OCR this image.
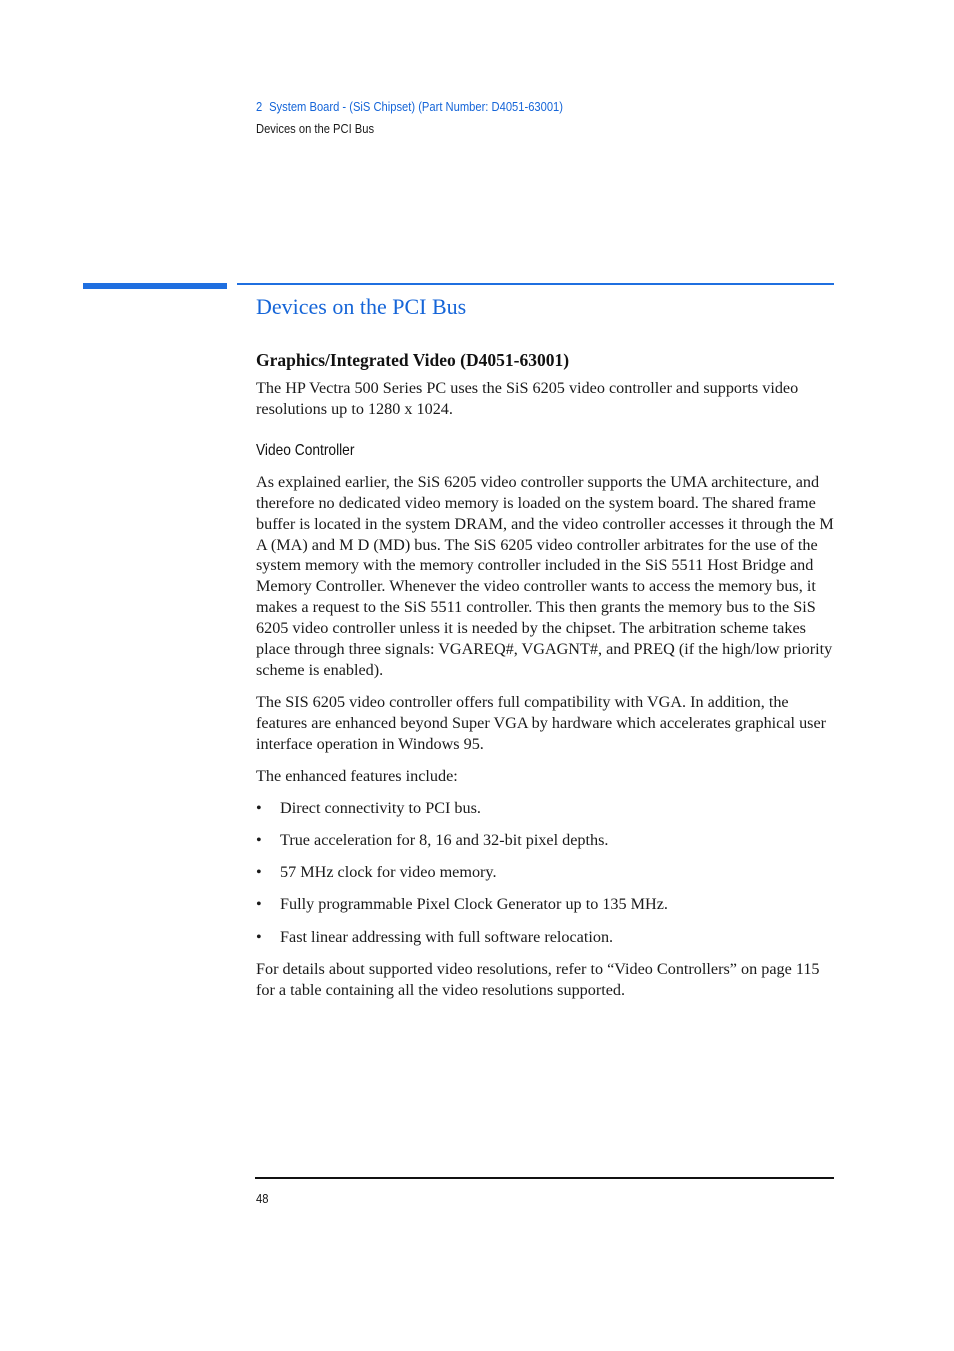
2 System Board - (SiS Chipset) (Part Number: D4051-63001)
Devices on the PCI Bus
Devices on the PCI Bus
Graphics/Integrated Video (D4051-63001)

The HP Vectra 500 Series PC uses the SiS 6205 video controller and supports video resolutions up to 1280 x 1024.

Video Controller

As explained earlier, the SiS 6205 video controller supports the UMA architecture, and therefore no dedicated video memory is loaded on the system board. The shared frame buffer is located in the system DRAM, and the video controller accesses it through the M A (MA) and M D (MD) bus. The SiS 6205 video controller arbitrates for the use of the system memory with the memory controller included in the SiS 5511 Host Bridge and Memory Controller. Whenever the video controller wants to access the memory bus, it makes a request to the SiS 5511 controller. This then grants the memory bus to the SiS 6205 video controller unless it is needed by the chipset. The arbitration scheme takes place through three signals: VGAREQ#, VGAGNT#, and PREQ (if the high/low priority scheme is enabled).

The SIS 6205 video controller offers full compatibility with VGA. In addition, the features are enhanced beyond Super VGA by hardware which accelerates graphical user interface operation in Windows 95.

The enhanced features include:

• Direct connectivity to PCI bus.
• True acceleration for 8, 16 and 32-bit pixel depths.
• 57 MHz clock for video memory.
• Fully programmable Pixel Clock Generator up to 135 MHz.
• Fast linear addressing with full software relocation.

For details about supported video resolutions, refer to “Video Controllers” on page 115 for a table containing all the video resolutions supported.

48
